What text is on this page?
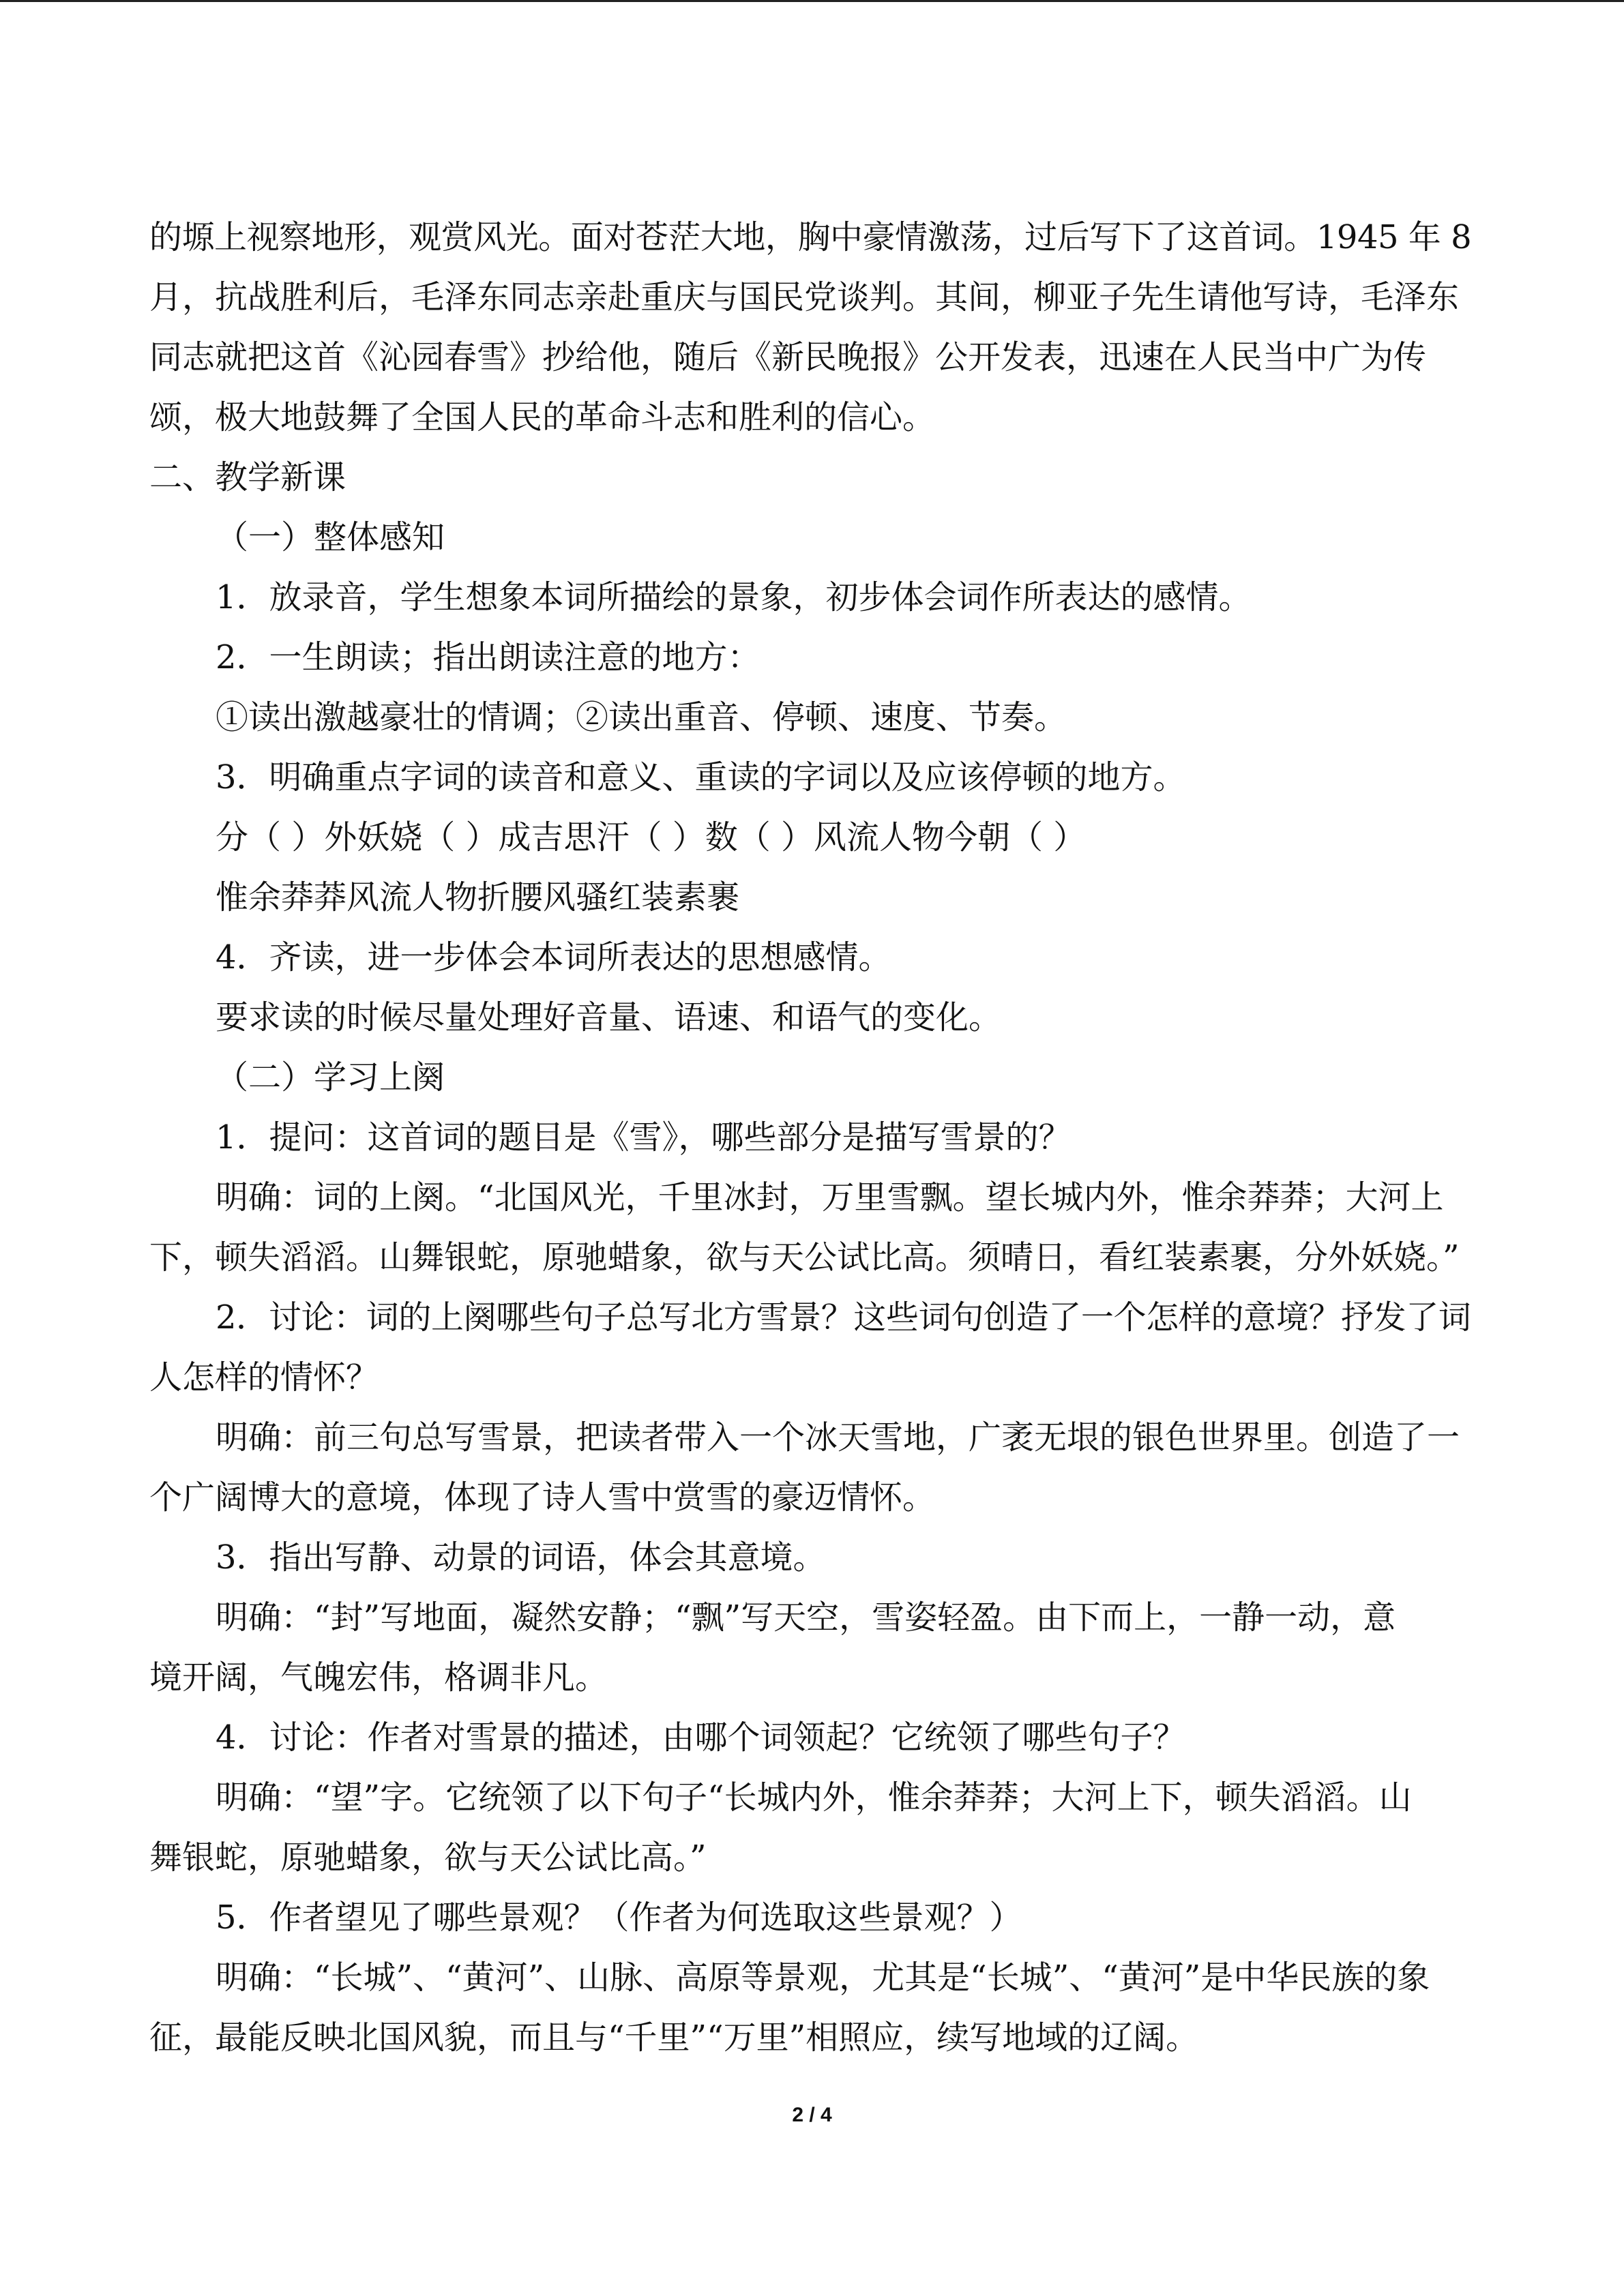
的塬上视察地形，观赏风光。面对苍茫大地，胸中豪情激荡，过后写下了这首词。1945 年 8
月，抗战胜利后，毛泽东同志亲赴重庆与国民党谈判。其间，柳亚子先生请他写诗，毛泽东
同志就把这首《沁园春雪》抄给他，随后《新民晚报》公开发表，迅速在人民当中广为传
颂，极大地鼓舞了全国人民的革命斗志和胜利的信心。
二、教学新课
（一）整体感知
1．放录音，学生想象本词所描绘的景象，初步体会词作所表达的感情。
2．一生朗读；指出朗读注意的地方：
①读出激越豪壮的情调；②读出重音、停顿、速度、节奏。
3．明确重点字词的读音和意义、重读的字词以及应该停顿的地方。
分（ ）外妖娆（ ）成吉思汗（ ）数（ ）风流人物今朝（ ）
惟余莽莽风流人物折腰风骚红装素裹
4．齐读，进一步体会本词所表达的思想感情。
要求读的时候尽量处理好音量、语速、和语气的变化。
（二）学习上阕
1．提问：这首词的题目是《雪》，哪些部分是描写雪景的？
明确：词的上阕。“北国风光，千里冰封，万里雪飘。望长城内外，惟余莽莽；大河上
下，顿失滔滔。山舞银蛇，原驰蜡象，欲与天公试比高。须晴日，看红装素裹，分外妖娆。”
2．讨论：词的上阕哪些句子总写北方雪景？这些词句创造了一个怎样的意境？抒发了词
人怎样的情怀？
明确：前三句总写雪景，把读者带入一个冰天雪地，广袤无垠的银色世界里。创造了一
个广阔博大的意境，体现了诗人雪中赏雪的豪迈情怀。
3．指出写静、动景的词语，体会其意境。
明确：“封”写地面，凝然安静；“飘”写天空，雪姿轻盈。由下而上，一静一动，意
境开阔，气魄宏伟，格调非凡。
4．讨论：作者对雪景的描述，由哪个词领起？它统领了哪些句子？
明确：“望”字。它统领了以下句子“长城内外，惟余莽莽；大河上下，顿失滔滔。山
舞银蛇，原驰蜡象，欲与天公试比高。”
5．作者望见了哪些景观？（作者为何选取这些景观？）
明确：“长城”、“黄河”、山脉、高原等景观，尤其是“长城”、“黄河”是中华民族的象
征，最能反映北国风貌，而且与“千里”“万里”相照应，续写地域的辽阔。
2 / 4
